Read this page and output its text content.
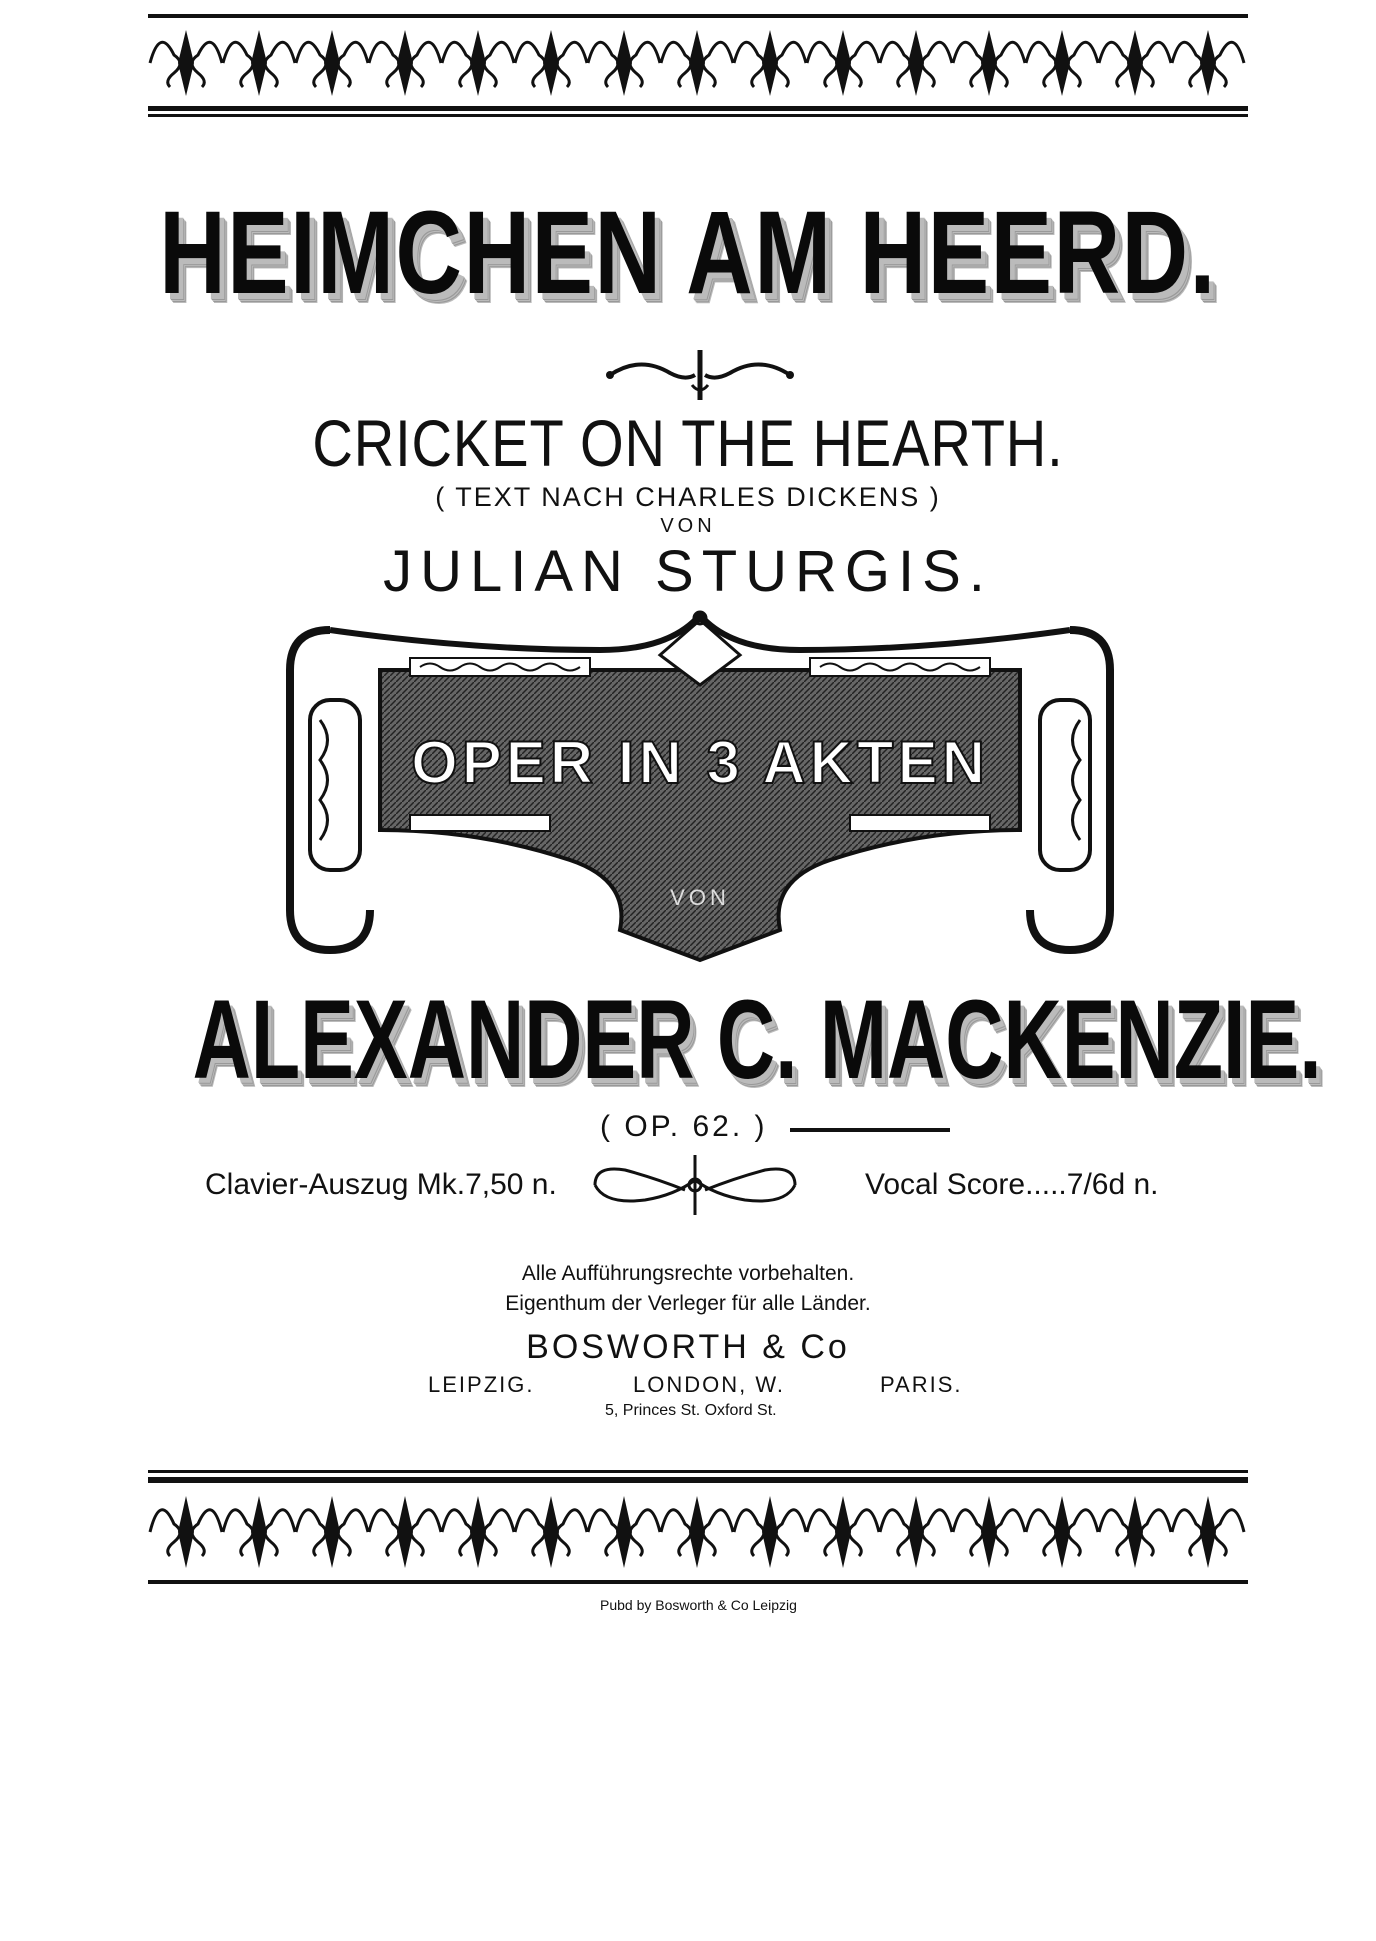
HEIMCHEN AM HEERD.
CRICKET ON THE HEARTH.
( TEXT NACH CHARLES DICKENS )
VON
JULIAN STURGIS.
OPER IN 3 AKTEN
VON
ALEXANDER C. MACKENZIE.
( OP. 62. )
Clavier-Auszug Mk.7,50 n.	Vocal Score.....7/6d n.
Alle Aufführungsrechte vorbehalten.
Eigenthum der Verleger für alle Länder.
BOSWORTH & Co
LEIPZIG.	LONDON, W.	PARIS.
5, Princes St. Oxford St.
Pubd by Bosworth & Co Leipzig
